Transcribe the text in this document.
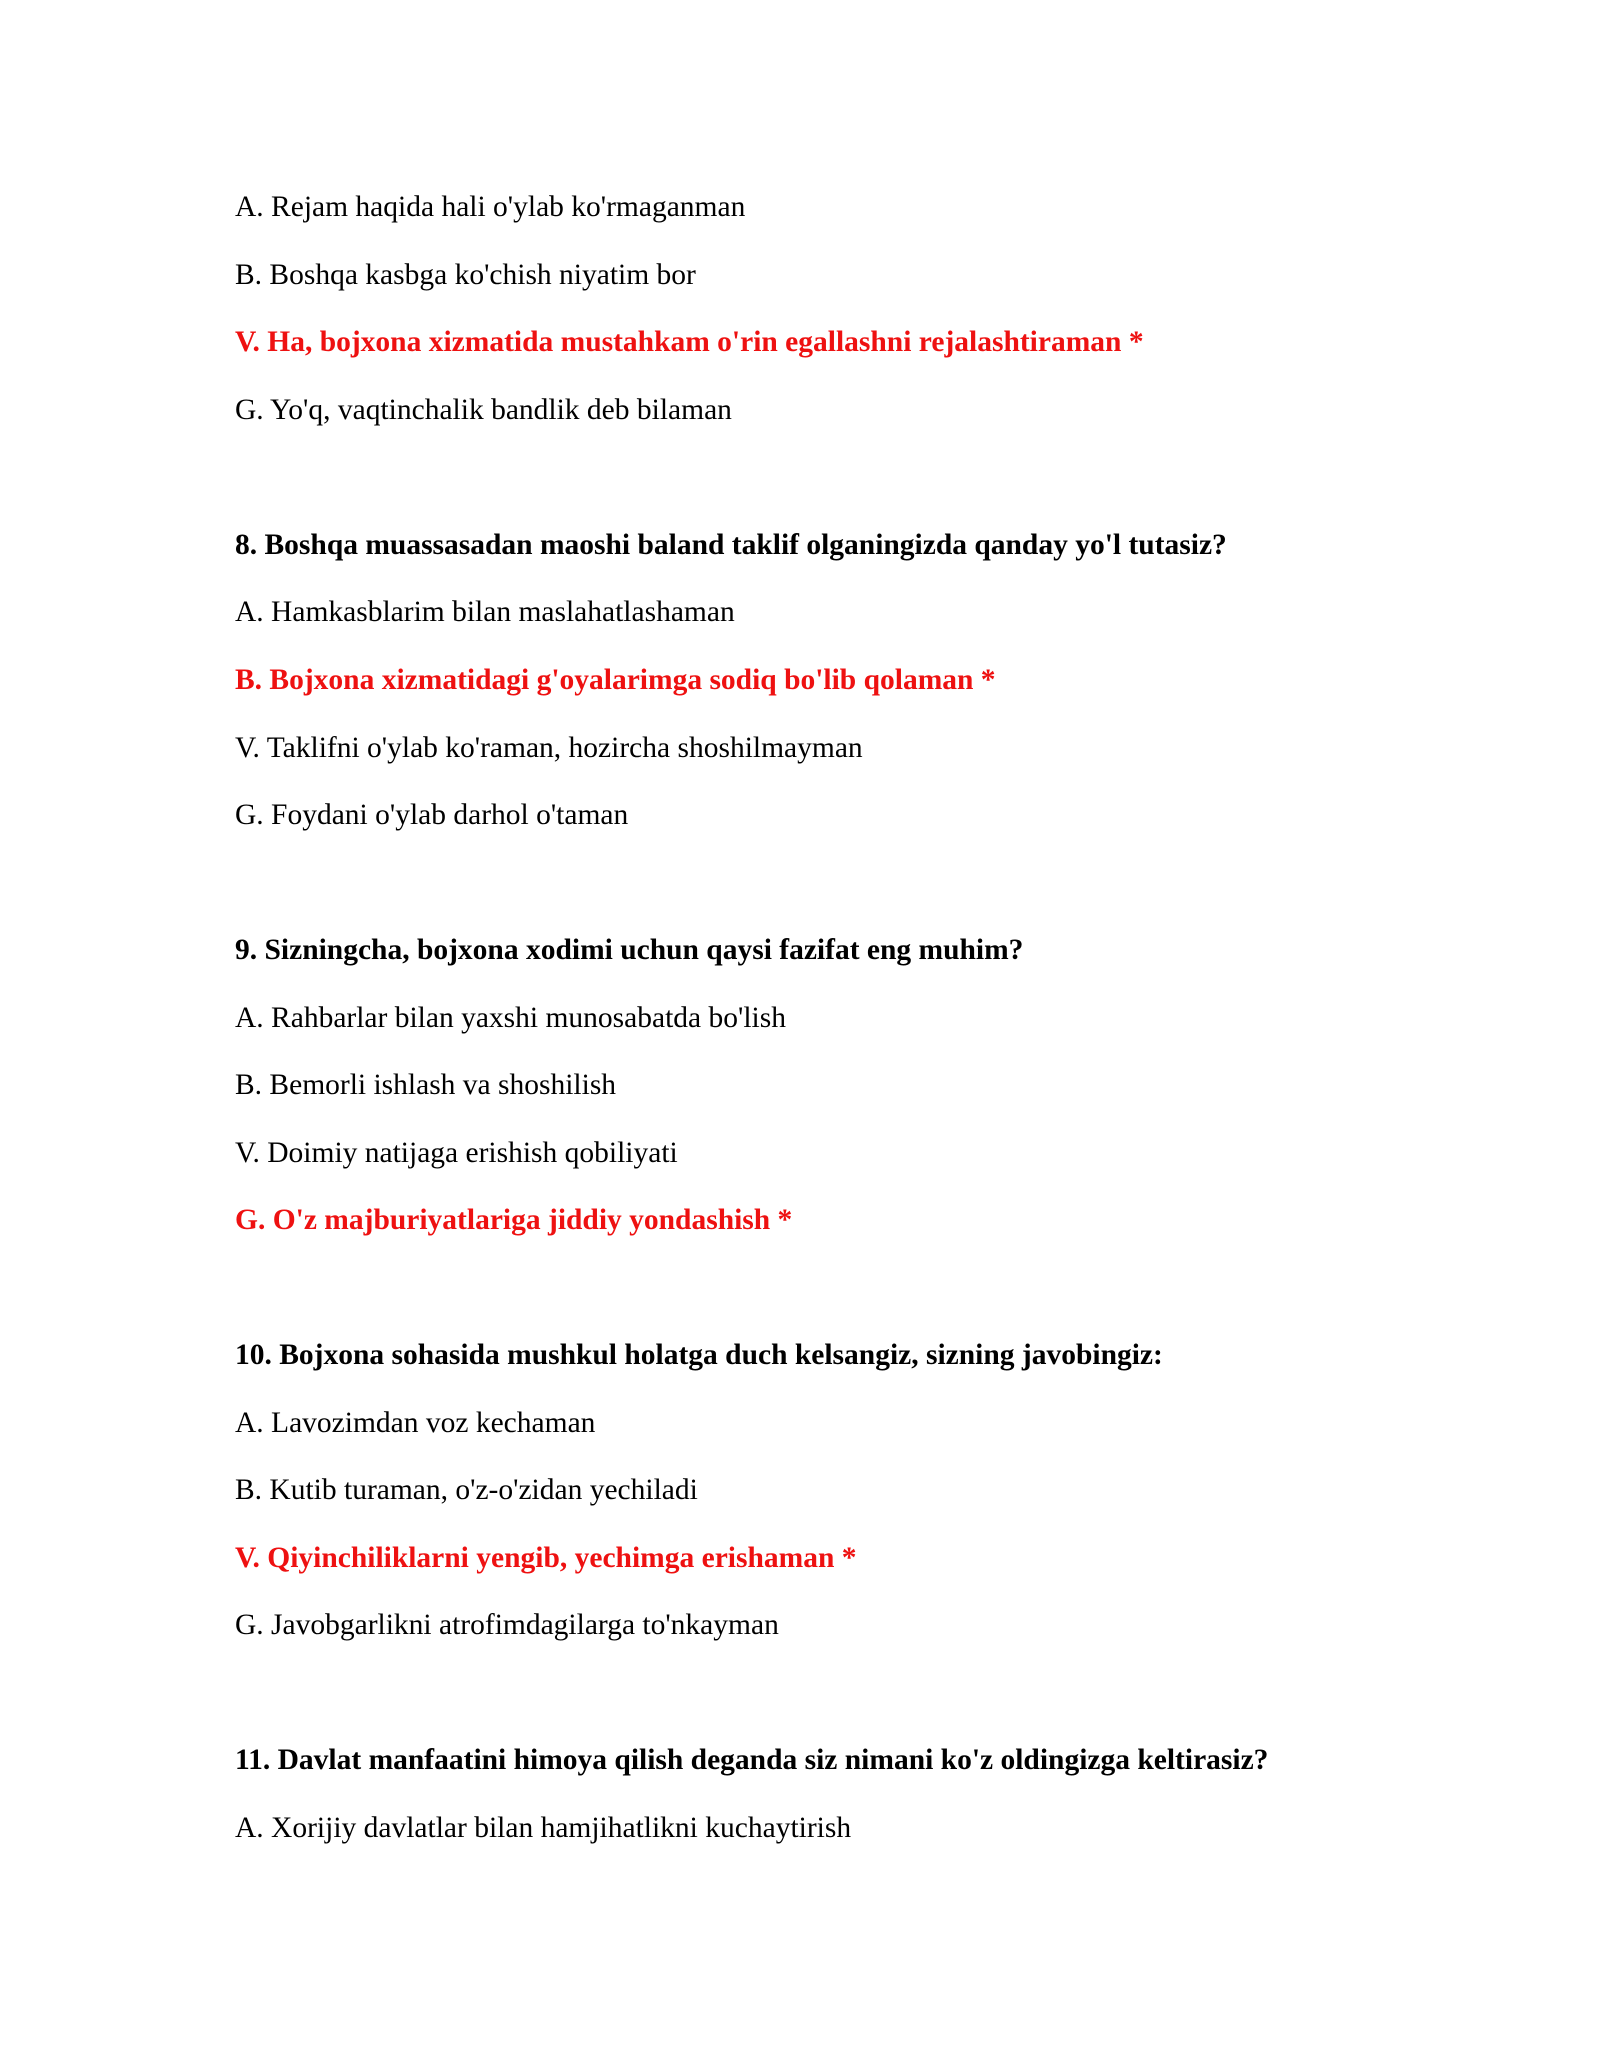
A. Rejam haqida hali o'ylab ko'rmaganman
B. Boshqa kasbga ko'chish niyatim bor
V. Ha, bojxona xizmatida mustahkam o'rin egallashni rejalashtiraman *
G. Yo'q, vaqtinchalik bandlik deb bilaman
8. Boshqa muassasadan maoshi baland taklif olganingizda qanday yo'l tutasiz?
A. Hamkasblarim bilan maslahatlashaman
B. Bojxona xizmatidagi g'oyalarimga sodiq bo'lib qolaman *
V. Taklifni o'ylab ko'raman, hozircha shoshilmayman
G. Foydani o'ylab darhol o'taman
9. Sizningcha, bojxona xodimi uchun qaysi fazifat eng muhim?
A. Rahbarlar bilan yaxshi munosabatda bo'lish
B. Bemorli ishlash va shoshilish
V. Doimiy natijaga erishish qobiliyati
G. O'z majburiyatlariga jiddiy yondashish *
10. Bojxona sohasida mushkul holatga duch kelsangiz, sizning javobingiz:
A. Lavozimdan voz kechaman
B. Kutib turaman, o'z-o'zidan yechiladi
V. Qiyinchiliklarni yengib, yechimga erishaman *
G. Javobgarlikni atrofimdagilarga to'nkayman
11. Davlat manfaatini himoya qilish deganda siz nimani ko'z oldingizga keltirasiz?
A. Xorijiy davlatlar bilan hamjihatlikni kuchaytirish
